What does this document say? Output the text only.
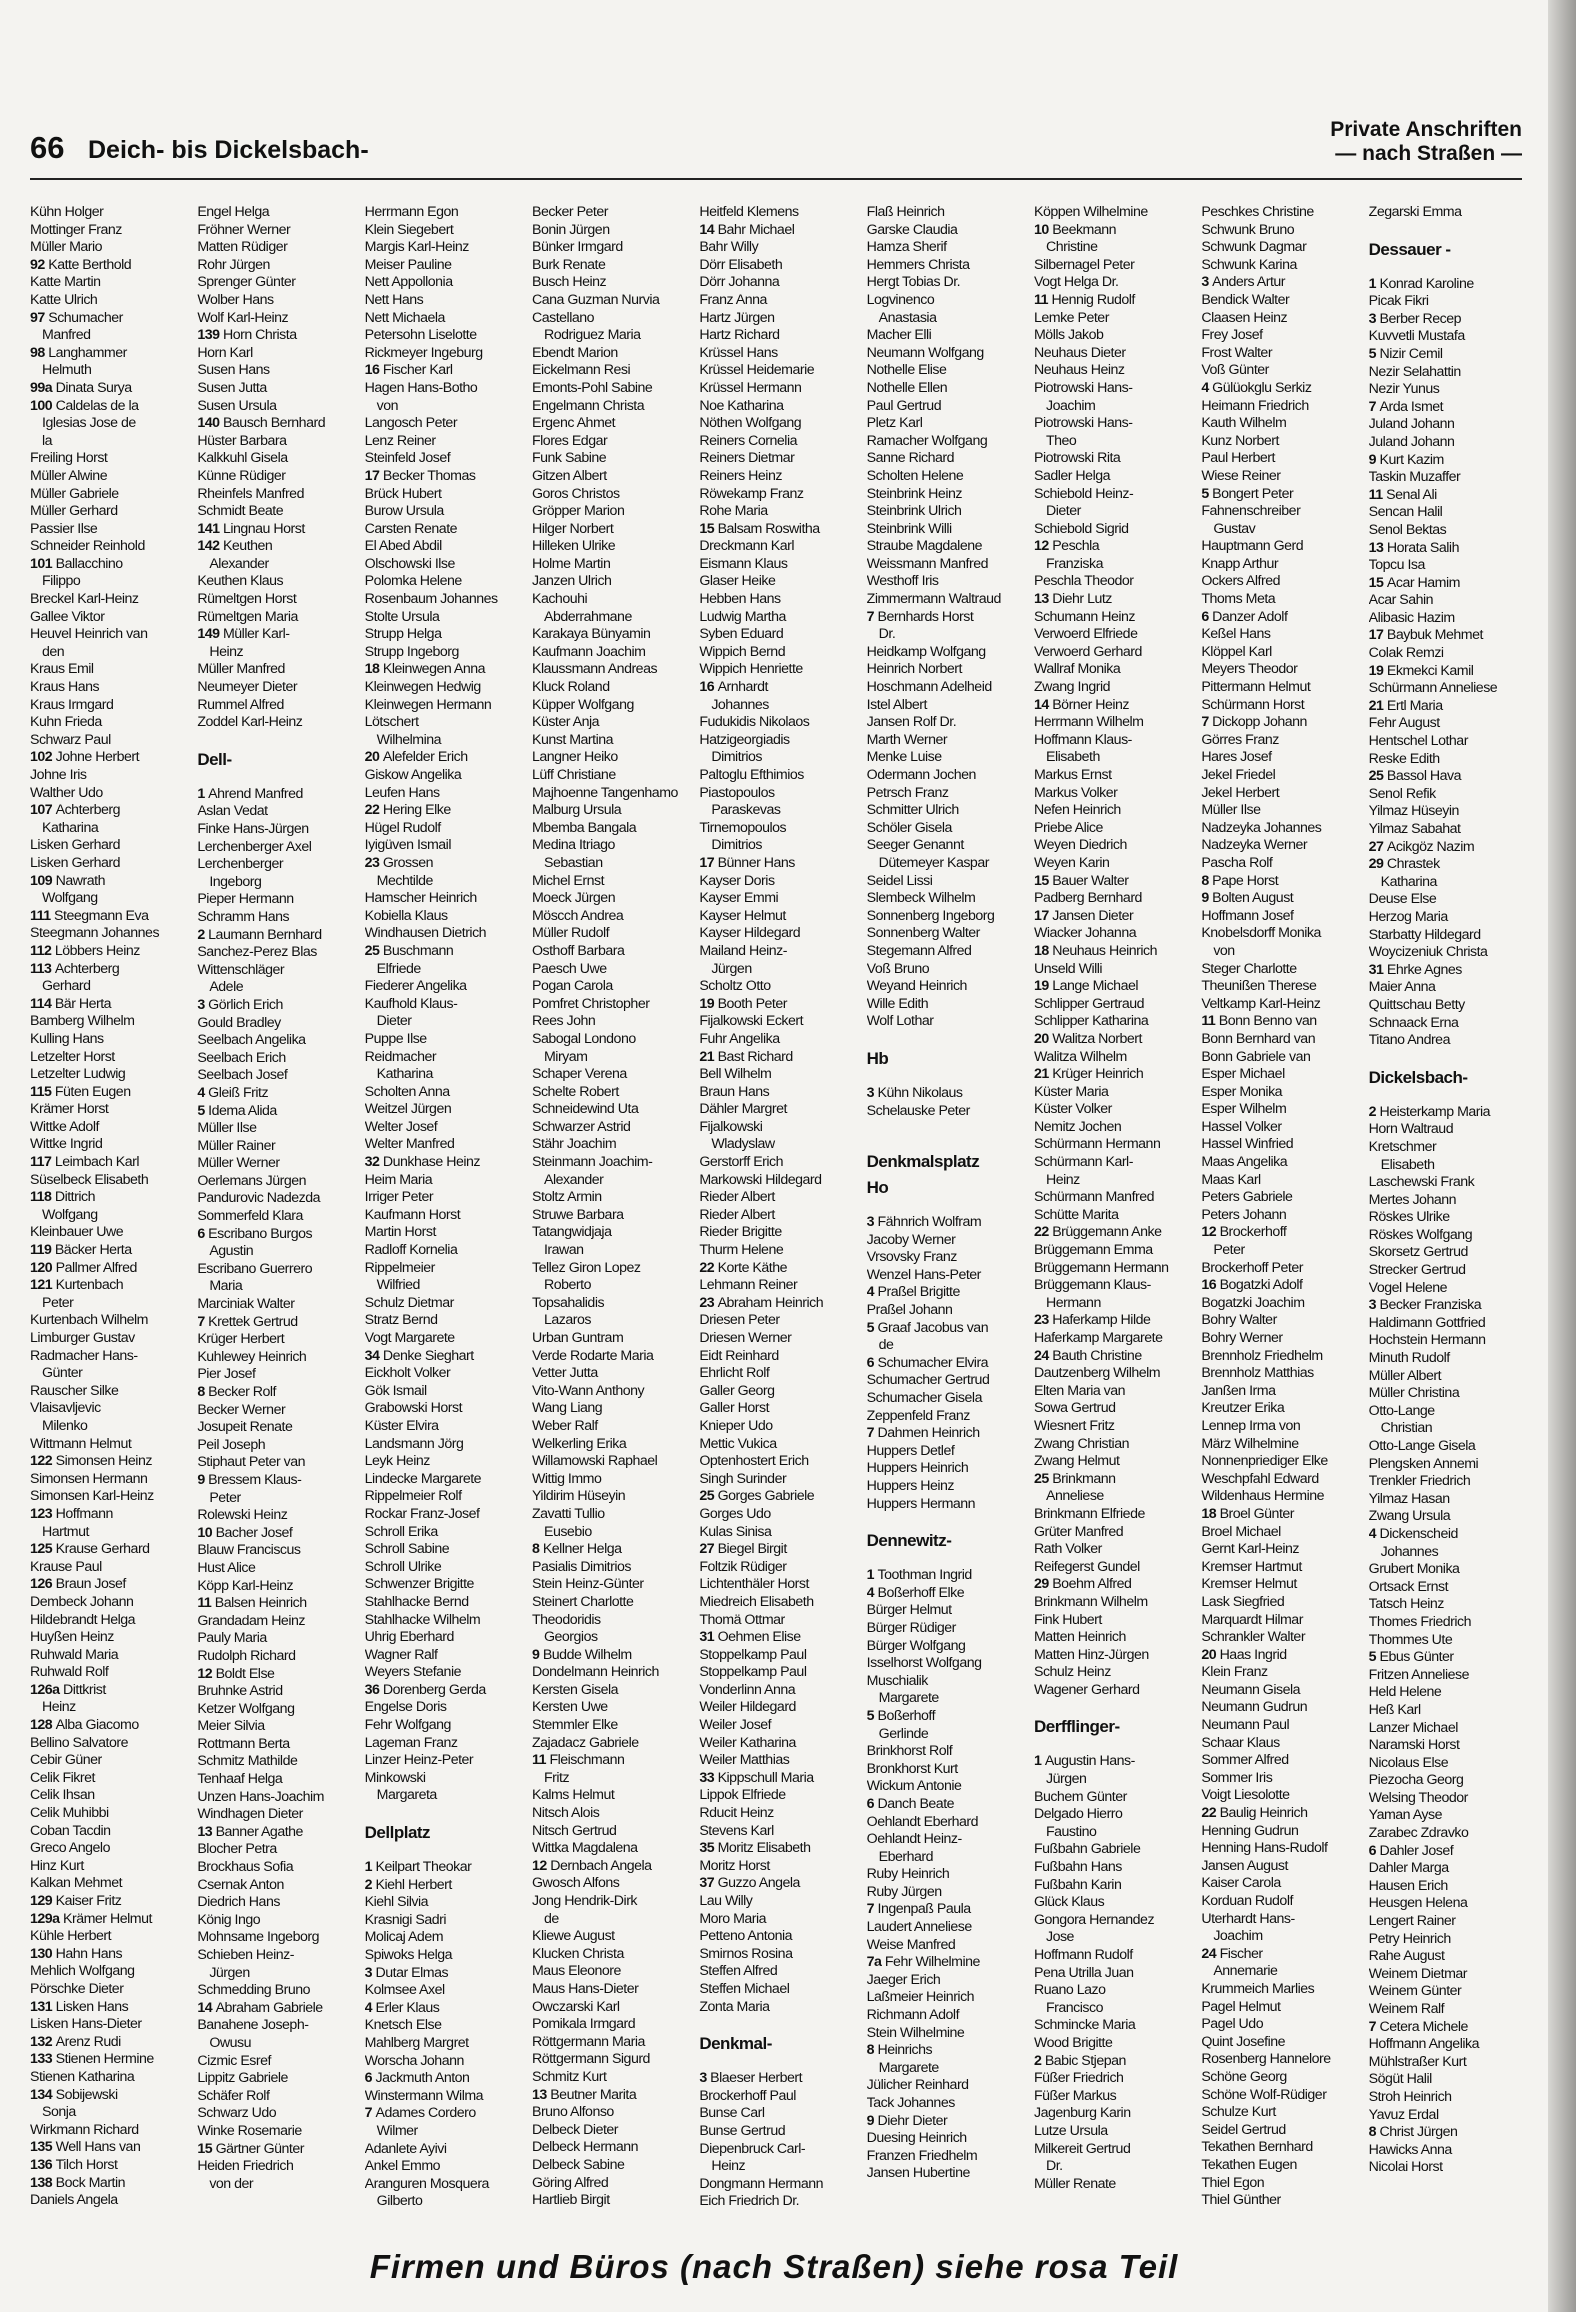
66 Deich- bis Dickelsbach-
Private Anschriften
— nach Straßen —
Kühn Holger
Mottinger Franz
Müller Mario
92 Katte Berthold
Katte Martin
Katte Ulrich
97 Schumacher
Manfred
98 Langhammer
Helmuth
99a Dinata Surya
100 Caldelas de la
Iglesias Jose de
la
Freiling Horst
Müller Alwine
Müller Gabriele
Müller Gerhard
Passier Ilse
Schneider Reinhold
101 Ballacchino
Filippo
Breckel Karl-Heinz
Gallee Viktor
Heuvel Heinrich van
den
Kraus Emil
Kraus Hans
Kraus Irmgard
Kuhn Frieda
Schwarz Paul
102 Johne Herbert
Johne Iris
Walther Udo
107 Achterberg
Katharina
Lisken Gerhard
Lisken Gerhard
109 Nawrath
Wolfgang
111 Steegmann Eva
Steegmann Johannes
112 Löbbers Heinz
113 Achterberg
Gerhard
114 Bär Herta
Bamberg Wilhelm
Kulling Hans
Letzelter Horst
Letzelter Ludwig
115 Füten Eugen
Krämer Horst
Wittke Adolf
Wittke Ingrid
117 Leimbach Karl
Süselbeck Elisabeth
118 Dittrich
Wolfgang
Kleinbauer Uwe
119 Bäcker Herta
120 Pallmer Alfred
121 Kurtenbach
Peter
Kurtenbach Wilhelm
Limburger Gustav
Radmacher Hans-
Günter
Rauscher Silke
Vlaisavljevic
Milenko
Wittmann Helmut
122 Simonsen Heinz
Simonsen Hermann
Simonsen Karl-Heinz
123 Hoffmann
Hartmut
125 Krause Gerhard
Krause Paul
126 Braun Josef
Dembeck Johann
Hildebrandt Helga
Huyßen Heinz
Ruhwald Maria
Ruhwald Rolf
126a Dittkrist
Heinz
128 Alba Giacomo
Bellino Salvatore
Cebir Güner
Celik Fikret
Celik Ihsan
Celik Muhibbi
Coban Tacdin
Greco Angelo
Hinz Kurt
Kalkan Mehmet
129 Kaiser Fritz
129a Krämer Helmut
Kühle Herbert
130 Hahn Hans
Mehlich Wolfgang
Pörschke Dieter
131 Lisken Hans
Lisken Hans-Dieter
132 Arenz Rudi
133 Stienen Hermine
Stienen Katharina
134 Sobijewski
Sonja
Wirkmann Richard
135 Well Hans van
136 Tilch Horst
138 Bock Martin
Daniels Angela
Engel Helga
Fröhner Werner
Matten Rüdiger
Rohr Jürgen
Sprenger Günter
Wolber Hans
Wolf Karl-Heinz
139 Horn Christa
Horn Karl
Susen Hans
Susen Jutta
Susen Ursula
140 Bausch Bernhard
Hüster Barbara
Kalkkuhl Gisela
Künne Rüdiger
Rheinfels Manfred
Schmidt Beate
141 Lingnau Horst
142 Keuthen
Alexander
Keuthen Klaus
Rümeltgen Horst
Rümeltgen Maria
149 Müller Karl-
Heinz
Müller Manfred
Neumeyer Dieter
Rummel Alfred
Zoddel Karl-Heinz
Dell-
1 Ahrend Manfred
Aslan Vedat
Finke Hans-Jürgen
Lerchenberger Axel
Lerchenberger
Ingeborg
Pieper Hermann
Schramm Hans
2 Laumann Bernhard
Sanchez-Perez Blas
Wittenschläger
Adele
3 Görlich Erich
Gould Bradley
Seelbach Angelika
Seelbach Erich
Seelbach Josef
4 Gleiß Fritz
5 Idema Alida
Müller Ilse
Müller Rainer
Müller Werner
Oerlemans Jürgen
Pandurovic Nadezda
Sommerfeld Klara
6 Escribano Burgos
Agustin
Escribano Guerrero
Maria
Marciniak Walter
7 Krettek Gertrud
Krüger Herbert
Kuhlewey Heinrich
Pier Josef
8 Becker Rolf
Becker Werner
Josupeit Renate
Peil Joseph
Stiphaut Peter van
9 Bressem Klaus-
Peter
Rolewski Heinz
10 Bacher Josef
Blauw Franciscus
Hust Alice
Köpp Karl-Heinz
11 Balsen Heinrich
Grandadam Heinz
Pauly Maria
Rudolph Richard
12 Boldt Else
Bruhnke Astrid
Ketzer Wolfgang
Meier Silvia
Rottmann Berta
Schmitz Mathilde
Tenhaaf Helga
Unzen Hans-Joachim
Windhagen Dieter
13 Banner Agathe
Blocher Petra
Brockhaus Sofia
Csernak Anton
Diedrich Hans
König Ingo
Mohnsame Ingeborg
Schieben Heinz-
Jürgen
Schmedding Bruno
14 Abraham Gabriele
Banahene Joseph-
Owusu
Cizmic Esref
Lippitz Gabriele
Schäfer Rolf
Schwarz Udo
Winke Rosemarie
15 Gärtner Günter
Heiden Friedrich
von der
Herrmann Egon
Klein Siegebert
Margis Karl-Heinz
Meiser Pauline
Nett Appollonia
Nett Hans
Nett Michaela
Petersohn Liselotte
Rickmeyer Ingeburg
16 Fischer Karl
Hagen Hans-Botho
von
Langosch Peter
Lenz Reiner
Steinfeld Josef
17 Becker Thomas
Brück Hubert
Burow Ursula
Carsten Renate
El Abed Abdil
Olschowski Ilse
Polomka Helene
Rosenbaum Johannes
Stolte Ursula
Strupp Helga
Strupp Ingeborg
18 Kleinwegen Anna
Kleinwegen Hedwig
Kleinwegen Hermann
Lötschert
Wilhelmina
20 Alefelder Erich
Giskow Angelika
Leufen Hans
22 Hering Elke
Hügel Rudolf
Iyigüven Ismail
23 Grossen
Mechtilde
Hamscher Heinrich
Kobiella Klaus
Windhausen Dietrich
25 Buschmann
Elfriede
Fiederer Angelika
Kaufhold Klaus-
Dieter
Puppe Ilse
Reidmacher
Katharina
Scholten Anna
Weitzel Jürgen
Welter Josef
Welter Manfred
32 Dunkhase Heinz
Heim Maria
Irriger Peter
Kaufmann Horst
Martin Horst
Radloff Kornelia
Rippelmeier
Wilfried
Schulz Dietmar
Stratz Bernd
Vogt Margarete
34 Denke Sieghart
Eickholt Volker
Gök Ismail
Grabowski Horst
Küster Elvira
Landsmann Jörg
Leyk Heinz
Lindecke Margarete
Rippelmeier Rolf
Rockar Franz-Josef
Schroll Erika
Schroll Sabine
Schroll Ulrike
Schwenzer Brigitte
Stahlhacke Bernd
Stahlhacke Wilhelm
Uhrig Eberhard
Wagner Ralf
Weyers Stefanie
36 Dorenberg Gerda
Engelse Doris
Fehr Wolfgang
Lageman Franz
Linzer Heinz-Peter
Minkowski
Margareta
Dellplatz
1 Keilpart Theokar
2 Kiehl Herbert
Kiehl Silvia
Krasnigi Sadri
Molicaj Adem
Spiwoks Helga
3 Dutar Elmas
Kolmsee Axel
4 Erler Klaus
Knetsch Else
Mahlberg Margret
Worscha Johann
6 Jackmuth Anton
Winstermann Wilma
7 Adames Cordero
Wilmer
Adanlete Ayivi
Ankel Emmo
Aranguren Mosquera
Gilberto
Becker Peter
Bonin Jürgen
Bünker Irmgard
Burk Renate
Busch Heinz
Cana Guzman Nurvia
Castellano
Rodriguez Maria
Ebendt Marion
Eickelmann Resi
Emonts-Pohl Sabine
Engelmann Christa
Ergenc Ahmet
Flores Edgar
Funk Sabine
Gitzen Albert
Goros Christos
Gröpper Marion
Hilger Norbert
Hilleken Ulrike
Holme Martin
Janzen Ulrich
Kachouhi
Abderrahmane
Karakaya Bünyamin
Kaufmann Joachim
Klaussmann Andreas
Kluck Roland
Küpper Wolfgang
Küster Anja
Kunst Martina
Langner Heiko
Lüff Christiane
Majhoenne Tangenhamo
Malburg Ursula
Mbemba Bangala
Medina Itriago
Sebastian
Michel Ernst
Moeck Jürgen
Möscch Andrea
Müller Rudolf
Osthoff Barbara
Paesch Uwe
Pogan Carola
Pomfret Christopher
Rees John
Sabogal Londono
Miryam
Schaper Verena
Schelte Robert
Schneidewind Uta
Schwarzer Astrid
Stähr Joachim
Steinmann Joachim-
Alexander
Stoltz Armin
Struwe Barbara
Tatangwidjaja
Irawan
Tellez Giron Lopez
Roberto
Topsahalidis
Lazaros
Urban Guntram
Verde Rodarte Maria
Vetter Jutta
Vito-Wann Anthony
Wang Liang
Weber Ralf
Welkerling Erika
Willamowski Raphael
Wittig Immo
Yildirim Hüseyin
Zavatti Tullio
Eusebio
8 Kellner Helga
Pasialis Dimitrios
Stein Heinz-Günter
Steinert Charlotte
Theodoridis
Georgios
9 Budde Wilhelm
Dondelmann Heinrich
Kersten Gisela
Kersten Uwe
Stemmler Elke
Zajadacz Gabriele
11 Fleischmann
Fritz
Kalms Helmut
Nitsch Alois
Nitsch Gertrud
Wittka Magdalena
12 Dernbach Angela
Gwosch Alfons
Jong Hendrik-Dirk
de
Kliewe August
Klucken Christa
Maus Eleonore
Maus Hans-Dieter
Owczarski Karl
Pomikala Irmgard
Röttgermann Maria
Röttgermann Sigurd
Schmitz Kurt
13 Beutner Marita
Bruno Alfonso
Delbeck Dieter
Delbeck Hermann
Delbeck Sabine
Göring Alfred
Hartlieb Birgit
Heitfeld Klemens
14 Bahr Michael
Bahr Willy
Dörr Elisabeth
Dörr Johanna
Franz Anna
Hartz Jürgen
Hartz Richard
Krüssel Hans
Krüssel Heidemarie
Krüssel Hermann
Noe Katharina
Nöthen Wolfgang
Reiners Cornelia
Reiners Dietmar
Reiners Heinz
Röwekamp Franz
Rohe Maria
15 Balsam Roswitha
Dreckmann Karl
Eismann Klaus
Glaser Heike
Hebben Hans
Ludwig Martha
Syben Eduard
Wippich Bernd
Wippich Henriette
16 Arnhardt
Johannes
Fudukidis Nikolaos
Hatzigeorgiadis
Dimitrios
Paltoglu Efthimios
Piastopoulos
Paraskevas
Tirnemopoulos
Dimitrios
17 Bünner Hans
Kayser Doris
Kayser Emmi
Kayser Helmut
Kayser Hildegard
Mailand Heinz-
Jürgen
Scholtz Otto
19 Booth Peter
Fijalkowski Eckert
Fuhr Angelika
21 Bast Richard
Bell Wilhelm
Braun Hans
Dähler Margret
Fijalkowski
Wladyslaw
Gerstorff Erich
Markowski Hildegard
Rieder Albert
Rieder Albert
Rieder Brigitte
Thurm Helene
22 Korte Käthe
Lehmann Reiner
23 Abraham Heinrich
Driesen Peter
Driesen Werner
Eidt Reinhard
Ehrlicht Rolf
Galler Georg
Galler Horst
Knieper Udo
Mettic Vukica
Optenhostert Erich
Singh Surinder
25 Gorges Gabriele
Gorges Udo
Kulas Sinisa
27 Biegel Birgit
Foltzik Rüdiger
Lichtenthäler Horst
Miedreich Elisabeth
Thomä Ottmar
31 Oehmen Elise
Stoppelkamp Paul
Stoppelkamp Paul
Vonderlinn Anna
Weiler Hildegard
Weiler Josef
Weiler Katharina
Weiler Matthias
33 Kippschull Maria
Lippok Elfriede
Rducit Heinz
Stevens Karl
35 Moritz Elisabeth
Moritz Horst
37 Guzzo Angela
Lau Willy
Moro Maria
Petteno Antonia
Smirnos Rosina
Steffen Alfred
Steffen Michael
Zonta Maria
Denkmal-
3 Blaeser Herbert
Brockerhoff Paul
Bunse Carl
Bunse Gertrud
Diepenbruck Carl-
Heinz
Dongmann Hermann
Eich Friedrich Dr.
Flaß Heinrich
Garske Claudia
Hamza Sherif
Hemmers Christa
Hergt Tobias Dr.
Logvinenco
Anastasia
Macher Elli
Neumann Wolfgang
Nothelle Elise
Nothelle Ellen
Paul Gertrud
Pletz Karl
Ramacher Wolfgang
Sanne Richard
Scholten Helene
Steinbrink Heinz
Steinbrink Ulrich
Steinbrink Willi
Straube Magdalene
Weissmann Manfred
Westhoff Iris
Zimmermann Waltraud
7 Bernhards Horst
Dr.
Heidkamp Wolfgang
Heinrich Norbert
Hoschmann Adelheid
Istel Albert
Jansen Rolf Dr.
Marth Werner
Menke Luise
Odermann Jochen
Petrsch Franz
Schmitter Ulrich
Schöler Gisela
Seeger Genannt
Dütemeyer Kaspar
Seidel Lissi
Slembeck Wilhelm
Sonnenberg Ingeborg
Sonnenberg Walter
Stegemann Alfred
Voß Bruno
Weyand Heinrich
Wille Edith
Wolf Lothar
Hb
3 Kühn Nikolaus
Schelauske Peter
Denkmalsplatz
Ho
3 Fähnrich Wolfram
Jacoby Werner
Vrsovsky Franz
Wenzel Hans-Peter
4 Praßel Brigitte
Praßel Johann
5 Graaf Jacobus van
de
6 Schumacher Elvira
Schumacher Gertrud
Schumacher Gisela
Zeppenfeld Franz
7 Dahmen Heinrich
Huppers Detlef
Huppers Heinrich
Huppers Heinz
Huppers Hermann
Dennewitz-
1 Toothman Ingrid
4 Boßerhoff Elke
Bürger Helmut
Bürger Rüdiger
Bürger Wolfgang
Isselhorst Wolfgang
Muschialik
Margarete
5 Boßerhoff
Gerlinde
Brinkhorst Rolf
Bronkhorst Kurt
Wickum Antonie
6 Danch Beate
Oehlandt Eberhard
Oehlandt Heinz-
Eberhard
Ruby Heinrich
Ruby Jürgen
7 Ingenpaß Paula
Laudert Anneliese
Weise Manfred
7a Fehr Wilhelmine
Jaeger Erich
Laßmeier Heinrich
Richmann Adolf
Stein Wilhelmine
8 Heinrichs
Margarete
Jülicher Reinhard
Tack Johannes
9 Diehr Dieter
Duesing Heinrich
Franzen Friedhelm
Jansen Hubertine
Köppen Wilhelmine
10 Beekmann
Christine
Silbernagel Peter
Vogt Helga Dr.
11 Hennig Rudolf
Lemke Peter
Mölls Jakob
Neuhaus Dieter
Neuhaus Heinz
Piotrowski Hans-
Joachim
Piotrowski Hans-
Theo
Piotrowski Rita
Sadler Helga
Schiebold Heinz-
Dieter
Schiebold Sigrid
12 Peschla
Franziska
Peschla Theodor
13 Diehr Lutz
Schumann Heinz
Verwoerd Elfriede
Verwoerd Gerhard
Wallraf Monika
Zwang Ingrid
14 Börner Heinz
Herrmann Wilhelm
Hoffmann Klaus-
Elisabeth
Markus Ernst
Markus Volker
Nefen Heinrich
Priebe Alice
Weyen Diedrich
Weyen Karin
15 Bauer Walter
Padberg Bernhard
17 Jansen Dieter
Wiacker Johanna
18 Neuhaus Heinrich
Unseld Willi
19 Lange Michael
Schlipper Gertraud
Schlipper Katharina
20 Walitza Norbert
Walitza Wilhelm
21 Krüger Heinrich
Küster Maria
Küster Volker
Nemitz Jochen
Schürmann Hermann
Schürmann Karl-
Heinz
Schürmann Manfred
Schütte Marita
22 Brüggemann Anke
Brüggemann Emma
Brüggemann Hermann
Brüggemann Klaus-
Hermann
23 Haferkamp Hilde
Haferkamp Margarete
24 Bauth Christine
Dautzenberg Wilhelm
Elten Maria van
Sowa Gertrud
Wiesnert Fritz
Zwang Christian
Zwang Helmut
25 Brinkmann
Anneliese
Brinkmann Elfriede
Grüter Manfred
Rath Volker
Reifegerst Gundel
29 Boehm Alfred
Brinkmann Wilhelm
Fink Hubert
Matten Heinrich
Matten Hinz-Jürgen
Schulz Heinz
Wagener Gerhard
Derfflinger-
1 Augustin Hans-
Jürgen
Buchem Günter
Delgado Hierro
Faustino
Fußbahn Gabriele
Fußbahn Hans
Fußbahn Karin
Glück Klaus
Gongora Hernandez
Jose
Hoffmann Rudolf
Pena Utrilla Juan
Ruano Lazo
Francisco
Schmincke Maria
Wood Brigitte
2 Babic Stjepan
Füßer Friedrich
Füßer Markus
Jagenburg Karin
Lutze Ursula
Milkereit Gertrud
Dr.
Müller Renate
Peschkes Christine
Schwunk Bruno
Schwunk Dagmar
Schwunk Karina
3 Anders Artur
Bendick Walter
Claasen Heinz
Frey Josef
Frost Walter
Voß Günter
4 Gülüokglu Serkiz
Heimann Friedrich
Kauth Wilhelm
Kunz Norbert
Paul Herbert
Wiese Reiner
5 Bongert Peter
Fahnenschreiber
Gustav
Hauptmann Gerd
Knapp Arthur
Ockers Alfred
Thoms Meta
6 Danzer Adolf
Keßel Hans
Klöppel Karl
Meyers Theodor
Pittermann Helmut
Schürmann Horst
7 Dickopp Johann
Görres Franz
Hares Josef
Jekel Friedel
Jekel Herbert
Müller Ilse
Nadzeyka Johannes
Nadzeyka Werner
Pascha Rolf
8 Pape Horst
9 Bolten August
Hoffmann Josef
Knobelsdorff Monika
von
Steger Charlotte
Theunißen Therese
Veltkamp Karl-Heinz
11 Bonn Benno van
Bonn Bernhard van
Bonn Gabriele van
Esper Michael
Esper Monika
Esper Wilhelm
Hassel Volker
Hassel Winfried
Maas Angelika
Maas Karl
Peters Gabriele
Peters Johann
12 Brockerhoff
Peter
Brockerhoff Peter
16 Bogatzki Adolf
Bogatzki Joachim
Bohry Walter
Bohry Werner
Brennholz Friedhelm
Brennholz Matthias
Janßen Irma
Kreutzer Erika
Lennep Irma von
März Wilhelmine
Nonnenpriediger Elke
Weschpfahl Edward
Wildenhaus Hermine
18 Broel Günter
Broel Michael
Gernt Karl-Heinz
Kremser Hartmut
Kremser Helmut
Lask Siegfried
Marquardt Hilmar
Schrankler Walter
20 Haas Ingrid
Klein Franz
Neumann Gisela
Neumann Gudrun
Neumann Paul
Schaar Klaus
Sommer Alfred
Sommer Iris
Voigt Liesolotte
22 Baulig Heinrich
Henning Gudrun
Henning Hans-Rudolf
Jansen August
Kaiser Carola
Korduan Rudolf
Uterhardt Hans-
Joachim
24 Fischer
Annemarie
Krummeich Marlies
Pagel Helmut
Pagel Udo
Quint Josefine
Rosenberg Hannelore
Schöne Georg
Schöne Wolf-Rüdiger
Schulze Kurt
Seidel Gertrud
Tekathen Bernhard
Tekathen Eugen
Thiel Egon
Thiel Günther
Zegarski Emma
Dessauer -
1 Konrad Karoline
Picak Fikri
3 Berber Recep
Kuvvetli Mustafa
5 Nizir Cemil
Nezir Selahattin
Nezir Yunus
7 Arda Ismet
Juland Johann
Juland Johann
9 Kurt Kazim
Taskin Muzaffer
11 Senal Ali
Sencan Halil
Senol Bektas
13 Horata Salih
Topcu Isa
15 Acar Hamim
Acar Sahin
Alibasic Hazim
17 Baybuk Mehmet
Colak Remzi
19 Ekmekci Kamil
Schürmann Anneliese
21 Ertl Maria
Fehr August
Hentschel Lothar
Reske Edith
25 Bassol Hava
Senol Refik
Yilmaz Hüseyin
Yilmaz Sabahat
27 Acikgöz Nazim
29 Chrastek
Katharina
Deuse Else
Herzog Maria
Starbatty Hildegard
Woycizeniuk Christa
31 Ehrke Agnes
Maier Anna
Quittschau Betty
Schnaack Erna
Titano Andrea
Dickelsbach-
2 Heisterkamp Maria
Horn Waltraud
Kretschmer
Elisabeth
Laschewski Frank
Mertes Johann
Röskes Ulrike
Röskes Wolfgang
Skorsetz Gertrud
Strecker Gertrud
Vogel Helene
3 Becker Franziska
Haldimann Gottfried
Hochstein Hermann
Minuth Rudolf
Müller Albert
Müller Christina
Otto-Lange
Christian
Otto-Lange Gisela
Plengsken Annemi
Trenkler Friedrich
Yilmaz Hasan
Zwang Ursula
4 Dickenscheid
Johannes
Grubert Monika
Ortsack Ernst
Tatsch Heinz
Thomes Friedrich
Thommes Ute
5 Ebus Günter
Fritzen Anneliese
Held Helene
Heß Karl
Lanzer Michael
Naramski Horst
Nicolaus Else
Piezocha Georg
Welsing Theodor
Yaman Ayse
Zarabec Zdravko
6 Dahler Josef
Dahler Marga
Hausen Erich
Heusgen Helena
Lengert Rainer
Petry Heinrich
Rahe August
Weinem Dietmar
Weinem Günter
Weinem Ralf
7 Cetera Michele
Hoffmann Angelika
Mühlstraßer Kurt
Sögüt Halil
Stroh Heinrich
Yavuz Erdal
8 Christ Jürgen
Hawicks Anna
Nicolai Horst
Firmen und Büros (nach Straßen) siehe rosa Teil
